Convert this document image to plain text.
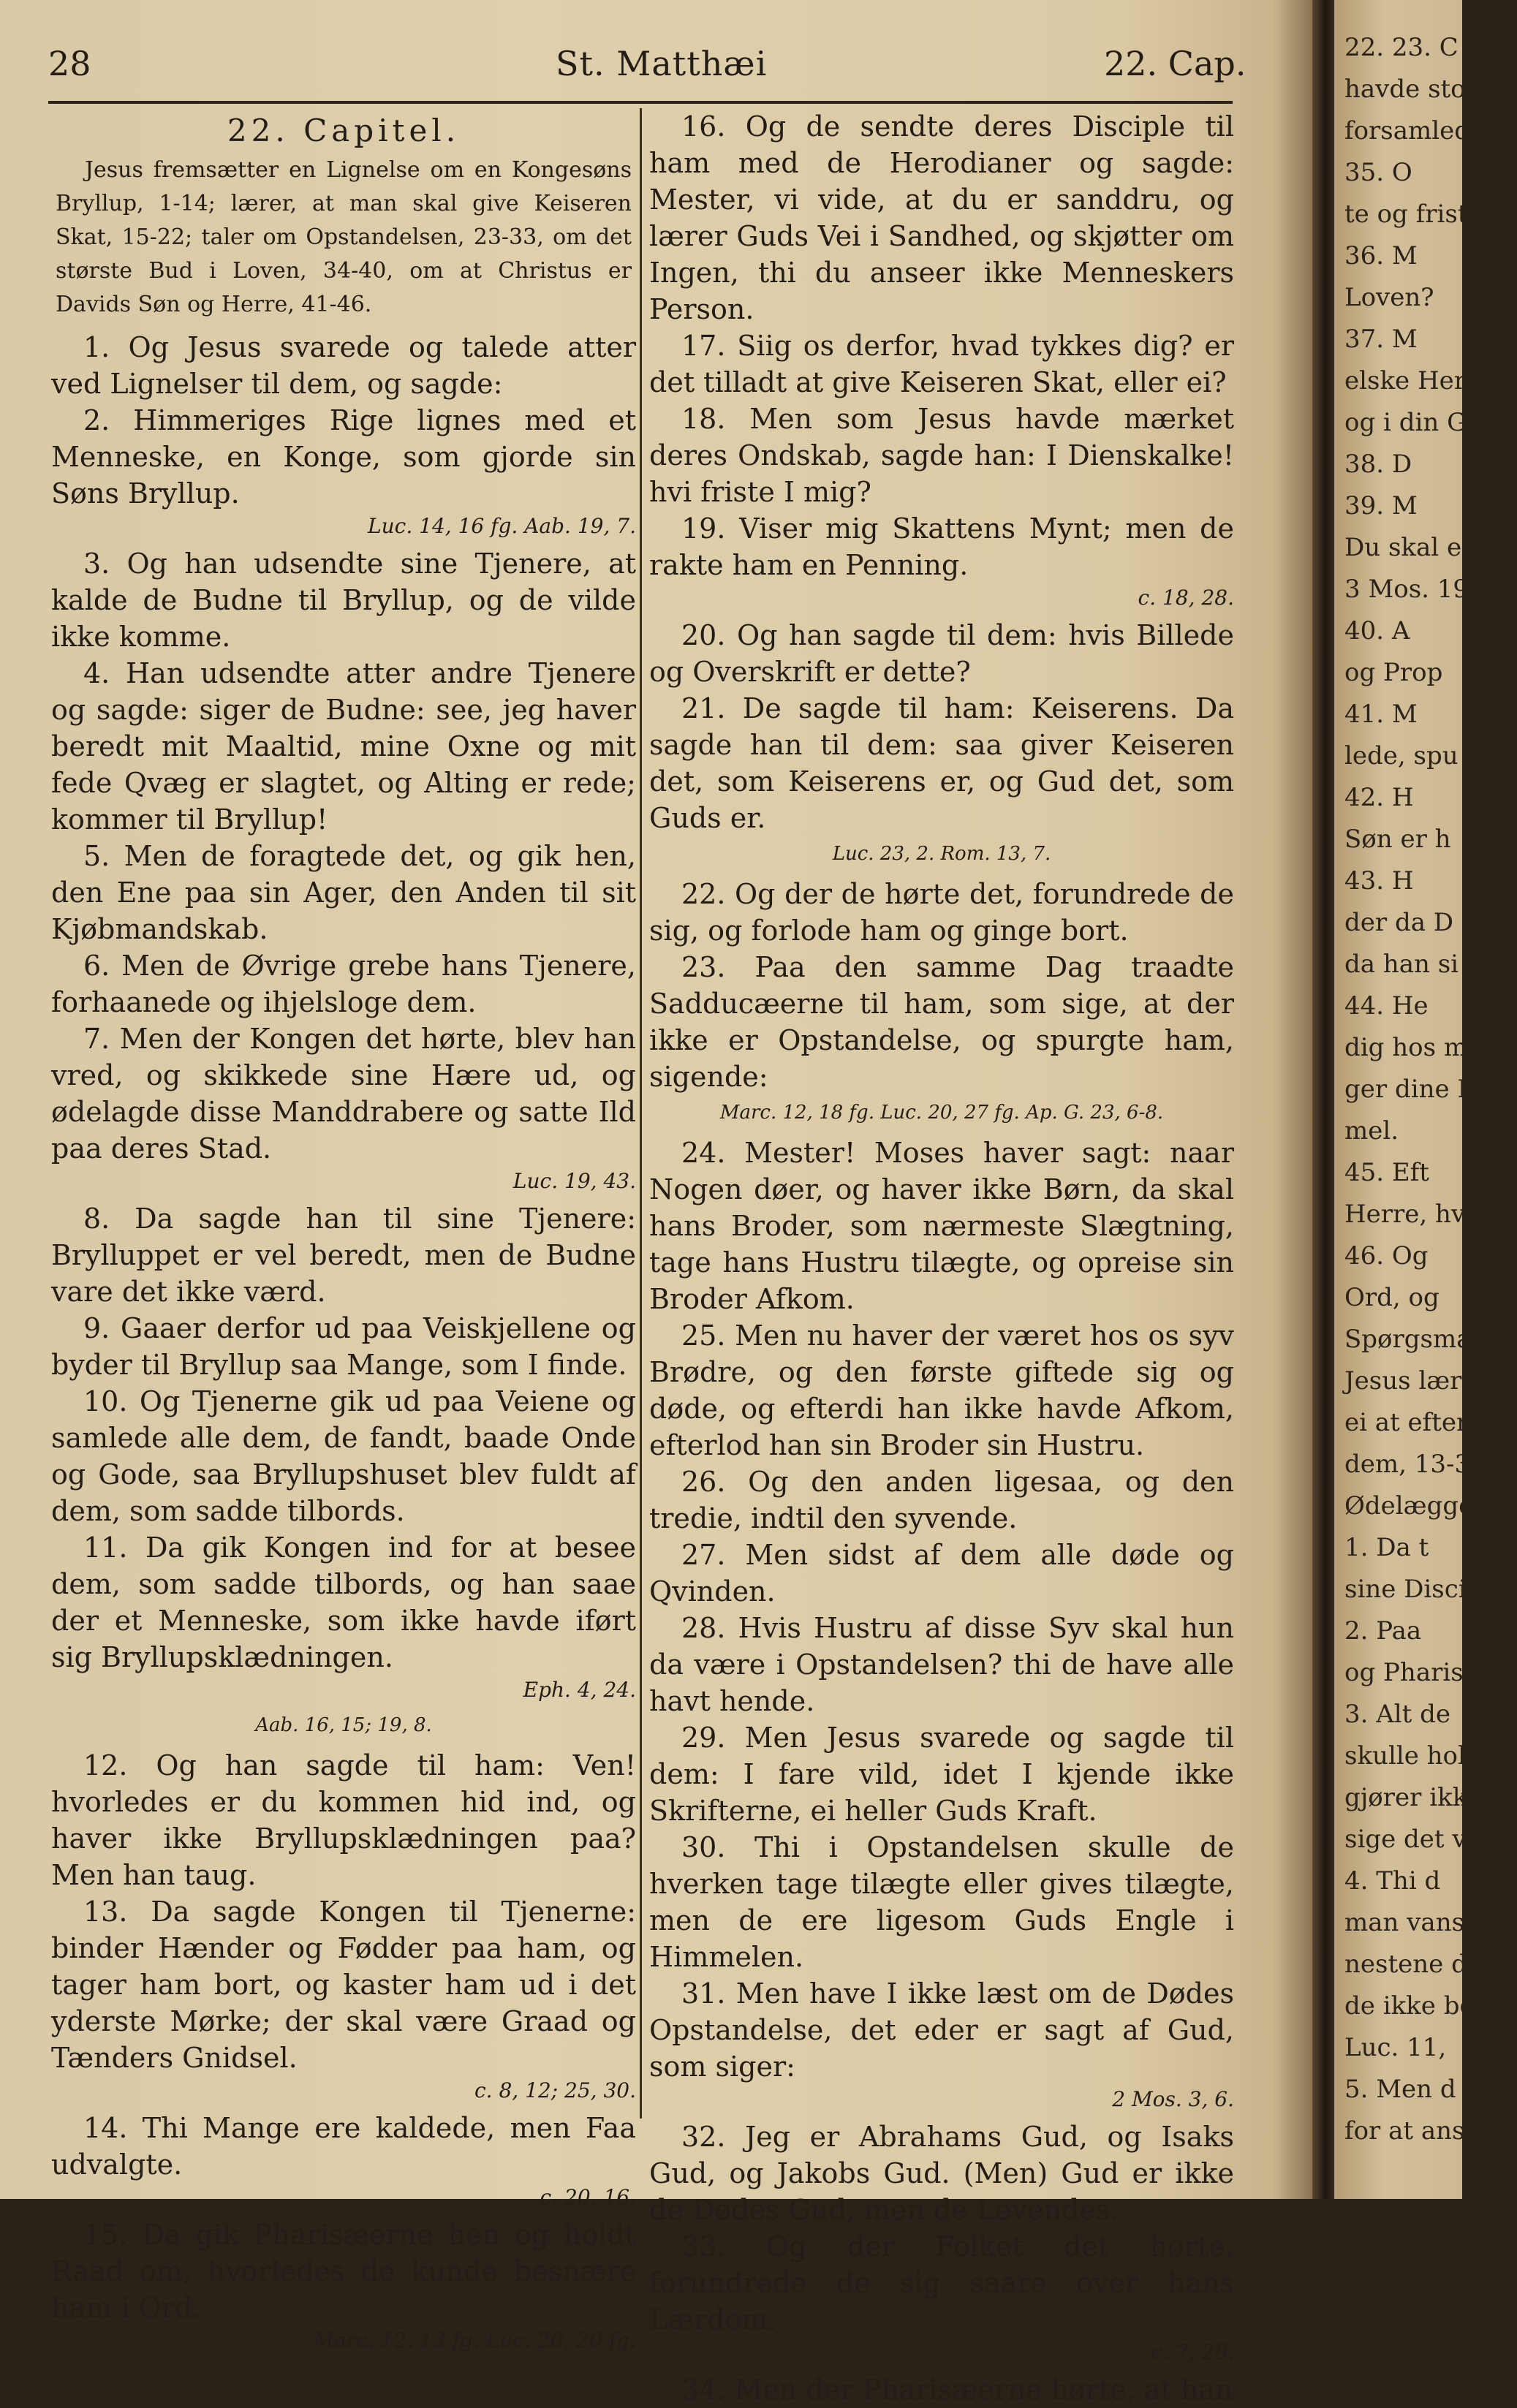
28	St. Matthæi	22. Cap.
22. Capitel.

Jesus fremsætter en Lignelse om en Kongesøns Bryllup, 1-14; lærer, at man skal give Keiseren Skat, 15-22; taler om Opstandelsen, 23-33, om det største Bud i Loven, 34-40, om at Christus er Davids Søn og Herre, 41-46.

1. Og Jesus svarede og talede atter ved Lignelser til dem, og sagde:

2. Himmeriges Rige lignes med et Menneske, en Konge, som gjorde sin Søns Bryllup.

Luc. 14, 16 fg. Aab. 19, 7.

3. Og han udsendte sine Tjenere, at kalde de Budne til Bryllup, og de vilde ikke komme.

4. Han udsendte atter andre Tjenere og sagde: siger de Budne: see, jeg haver beredt mit Maaltid, mine Oxne og mit fede Qvæg er slagtet, og Alting er rede; kommer til Bryllup!

5. Men de foragtede det, og gik hen, den Ene paa sin Ager, den Anden til sit Kjøbmandskab.

6. Men de Øvrige grebe hans Tjenere, forhaanede og ihjelsloge dem.

7. Men der Kongen det hørte, blev han vred, og skikkede sine Hære ud, og ødelagde disse Manddrabere og satte Ild paa deres Stad.

Luc. 19, 43.

8. Da sagde han til sine Tjenere: Brylluppet er vel beredt, men de Budne vare det ikke værd.

9. Gaaer derfor ud paa Veiskjellene og byder til Bryllup saa Mange, som I finde.

10. Og Tjenerne gik ud paa Veiene og samlede alle dem, de fandt, baade Onde og Gode, saa Bryllupshuset blev fuldt af dem, som sadde tilbords.

11. Da gik Kongen ind for at besee dem, som sadde tilbords, og han saae der et Menneske, som ikke havde iført sig Bryllupsklædningen.

Eph. 4, 24.

Aab. 16, 15; 19, 8.

12. Og han sagde til ham: Ven! hvorledes er du kommen hid ind, og haver ikke Bryllupsklædningen paa? Men han taug.

13. Da sagde Kongen til Tjenerne: binder Hænder og Fødder paa ham, og tager ham bort, og kaster ham ud i det yderste Mørke; der skal være Graad og Tænders Gnidsel.

c. 8, 12; 25, 30.

14. Thi Mange ere kaldede, men Faa udvalgte.

c. 20, 16.

15. Da gik Pharisæerne hen og holdt Raad om, hvorledes de kunde besnære ham i Ord.

Marc. 12. 13 fg. Luc. 20, 20 fg.

16. Og de sendte deres Disciple til ham med de Herodianer og sagde: Mester, vi vide, at du er sanddru, og lærer Guds Vei i Sandhed, og skjøtter om Ingen, thi du anseer ikke Menneskers Person.

17. Siig os derfor, hvad tykkes dig? er det tilladt at give Keiseren Skat, eller ei?

18. Men som Jesus havde mærket deres Ondskab, sagde han: I Dienskalke! hvi friste I mig?

19. Viser mig Skattens Mynt; men de rakte ham en Penning.

c. 18, 28.

20. Og han sagde til dem: hvis Billede og Overskrift er dette?

21. De sagde til ham: Keiserens. Da sagde han til dem: saa giver Keiseren det, som Keiserens er, og Gud det, som Guds er.

Luc. 23, 2. Rom. 13, 7.

22. Og der de hørte det, forundrede de sig, og forlode ham og ginge bort.

23. Paa den samme Dag traadte Sadducæerne til ham, som sige, at der ikke er Opstandelse, og spurgte ham, sigende:

Marc. 12, 18 fg. Luc. 20, 27 fg. Ap. G. 23, 6-8.

24. Mester! Moses haver sagt: naar Nogen døer, og haver ikke Børn, da skal hans Broder, som nærmeste Slægtning, tage hans Hustru tilægte, og opreise sin Broder Afkom.

25. Men nu haver der været hos os syv Brødre, og den første giftede sig og døde, og efterdi han ikke havde Afkom, efterlod han sin Broder sin Hustru.

26. Og den anden ligesaa, og den tredie, indtil den syvende.

27. Men sidst af dem alle døde og Qvinden.

28. Hvis Hustru af disse Syv skal hun da være i Opstandelsen? thi de have alle havt hende.

29. Men Jesus svarede og sagde til dem: I fare vild, idet I kjende ikke Skrifterne, ei heller Guds Kraft.

30. Thi i Opstandelsen skulle de hverken tage tilægte eller gives tilægte, men de ere ligesom Guds Engle i Himmelen.

31. Men have I ikke læst om de Dødes Opstandelse, det eder er sagt af Gud, som siger:

2 Mos. 3, 6.

32. Jeg er Abrahams Gud, og Isaks Gud, og Jakobs Gud. (Men) Gud er ikke de Dødes Gud, men de Levendes.

33. Og der Folket det hørte, forundrede de sig saare over hans Lærdom.

c. 7, 28.

34. Men der Pharisæerne hørte, at han

22. 23. C
havde sto
forsamled
35. O
te og frist
36. M
Loven?
37. M
elske Herr
og i din G
38. D
39. M
Du skal e
3 Mos. 19,
40. A
og Prop
41. M
lede, spu
42. H
Søn er h
43. H
der da D
da han si
44. He
dig hos m
ger dine F
mel.
45. Eft
Herre, hvo
46. Og
Ord, og
Spørgsmaa
Jesus lære
ei at efterfø
dem, 13-33;
Ødelæggelse,
1. Da t
sine Discipl
2. Paa
og Pharisæ
3. Alt de
skulle holde,
gjører ikke
sige det vel,
4. Thi d
man vanskel
nestene dem
de ikke bevæ
Luc. 11,
5. Men d
for at ansees
